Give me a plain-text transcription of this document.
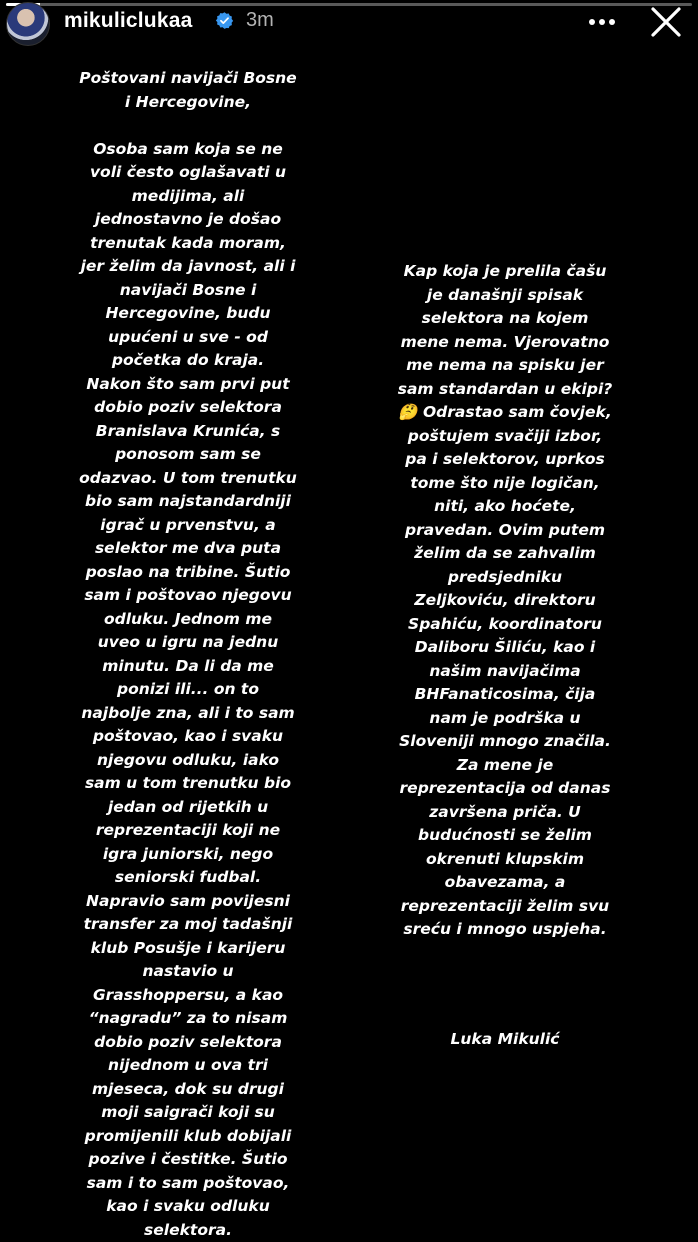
mikuliclukaa	3m
Poštovani navijači Bosne
i Hercegovine,

Osoba sam koja se ne
voli često oglašavati u
medijima, ali
jednostavno je došao
trenutak kada moram,
jer želim da javnost, ali i
navijači Bosne i
Hercegovine, budu
upućeni u sve - od
početka do kraja.
Nakon što sam prvi put
dobio poziv selektora
Branislava Krunića, s
ponosom sam se
odazvao. U tom trenutku
bio sam najstandardniji
igrač u prvenstvu, a
selektor me dva puta
poslao na tribine. Šutio
sam i poštovao njegovu
odluku. Jednom me
uveo u igru na jednu
minutu. Da li da me
ponizi ili... on to
najbolje zna, ali i to sam
poštovao, kao i svaku
njegovu odluku, iako
sam u tom trenutku bio
jedan od rijetkih u
reprezentaciji koji ne
igra juniorski, nego
seniorski fudbal.
Napravio sam povijesni
transfer za moj tadašnji
klub Posušje i karijeru
nastavio u
Grasshoppersu, a kao
“nagradu” za to nisam
dobio poziv selektora
nijednom u ova tri
mjeseca, dok su drugi
moji saigrači koji su
promijenili klub dobijali
pozive i čestitke. Šutio
sam i to sam poštovao,
kao i svaku odluku
selektora.
Kap koja je prelila čašu
je današnji spisak
selektora na kojem
mene nema. Vjerovatno
me nema na spisku jer
sam standardan u ekipi?
🤔 Odrastao sam čovjek,
poštujem svačiji izbor,
pa i selektorov, uprkos
tome što nije logičan,
niti, ako hoćete,
pravedan. Ovim putem
želim da se zahvalim
predsjedniku
Zeljkoviću, direktoru
Spahiću, koordinatoru
Daliboru Šiliću, kao i
našim navijačima
BHFanaticosima, čija
nam je podrška u
Sloveniji mnogo značila.
Za mene je
reprezentacija od danas
završena priča. U
budućnosti se želim
okrenuti klupskim
obavezama, a
reprezentaciji želim svu
sreću i mnogo uspjeha.
Luka Mikulić
